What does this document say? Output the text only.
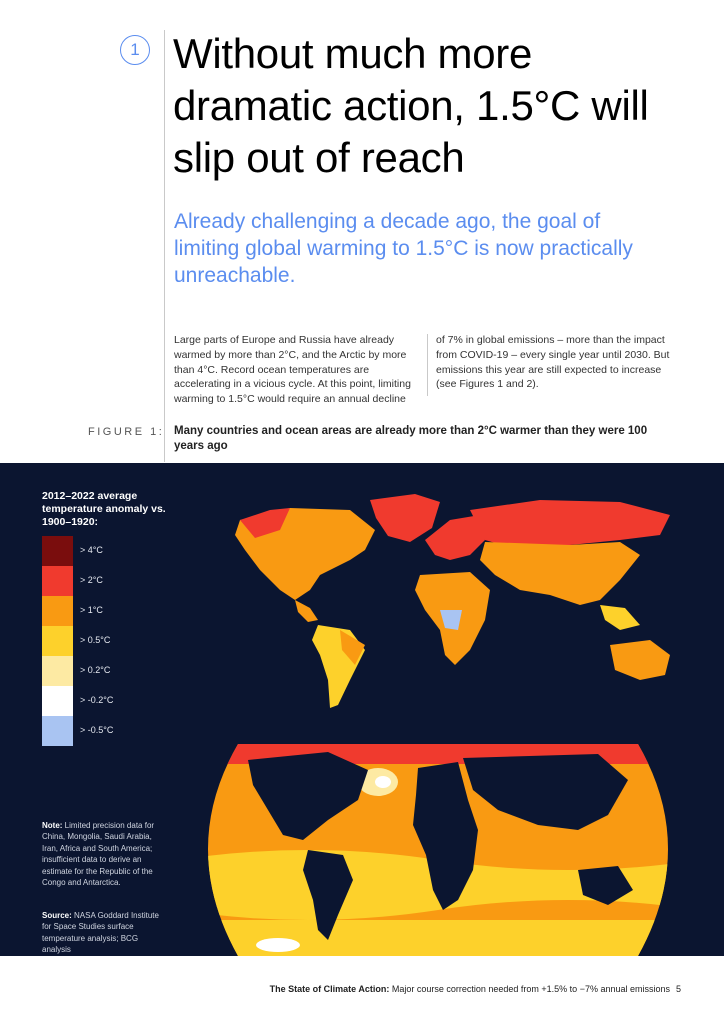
1 Without much more dramatic action, 1.5°C will slip out of reach

Already challenging a decade ago, the goal of limiting global warming to 1.5°C is now practically unreachable.

Large parts of Europe and Russia have already warmed by more than 2°C, and the Arctic by more than 4°C. Record ocean temperatures are accelerating in a vicious cycle. At this point, limiting warming to 1.5°C would require an annual decline

of 7% in global emissions – more than the impact from COVID-19 – every single year until 2030. But emissions this year are still expected to increase (see Figures 1 and 2).

FIGURE 1: Many countries and ocean areas are already more than 2°C warmer than they were 100 years ago

2012–2022 average temperature anomaly vs. 1900–1920:
> 4°C
> 2°C
> 1°C
> 0.5°C
> 0.2°C
> -0.2°C
> -0.5°C

Note: Limited precision data for China, Mongolia, Saudi Arabia, Iran, Africa and South America; insufficient data to derive an estimate for the Republic of the Congo and Antarctica.

Source: NASA Goddard Institute for Space Studies surface temperature analysis; BCG analysis

The State of Climate Action: Major course correction needed from +1.5% to −7% annual emissions 5
